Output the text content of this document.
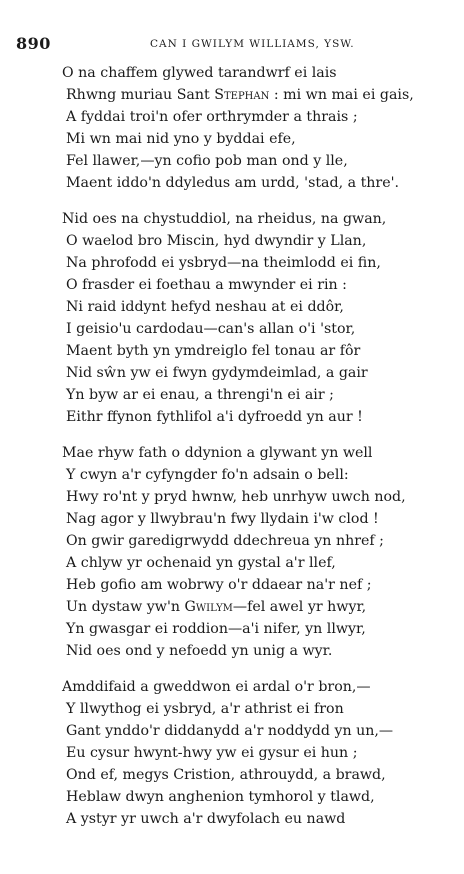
890	CAN I GWILYM WILLIAMS, YSW.
O na chaffem glywed tarandwrf ei lais
Rhwng muriau Sant Stephan : mi wn mai ei gais,
A fyddai troi'n ofer orthrymder a thrais ;
Mi wn mai nid yno y byddai efe,
Fel llawer,—yn cofio pob man ond y lle,
Maent iddo'n ddyledus am urdd, 'stad, a thre'.
Nid oes na chystuddiol, na rheidus, na gwan,
O waelod bro Miscin, hyd dwyndir y Llan,
Na phrofodd ei ysbryd—na theimlodd ei fin,
O frasder ei foethau a mwynder ei rin :
Ni raid iddynt hefyd neshau at ei ddôr,
I geisio'u cardodau—can's allan o'i 'stor,
Maent byth yn ymdreiglo fel tonau ar fôr
Nid sŵn yw ei fwyn gydymdeimlad, a gair
Yn byw ar ei enau, a threngi'n ei air ;
Eithr ffynon fythlifol a'i dyfroedd yn aur !
Mae rhyw fath o ddynion a glywant yn well
Y cwyn a'r cyfyngder fo'n adsain o bell:
Hwy ro'nt y pryd hwnw, heb unrhyw uwch nod,
Nag agor y llwybrau'n fwy llydain i'w clod !
On gwir garedigrwydd ddechreua yn nhref ;
A chlyw yr ochenaid yn gystal a'r llef,
Heb gofio am wobrwy o'r ddaear na'r nef ;
Un dystaw yw'n Gwilym—fel awel yr hwyr,
Yn gwasgar ei roddion—a'i nifer, yn llwyr,
Nid oes ond y nefoedd yn unig a wyr.
Amddifaid a gweddwon ei ardal o'r bron,—
Y llwythog ei ysbryd, a'r athrist ei fron
Gant ynddo'r diddanydd a'r noddydd yn un,—
Eu cysur hwynt-hwy yw ei gysur ei hun ;
Ond ef, megys Cristion, athrouydd, a brawd,
Heblaw dwyn anghenion tymhorol y tlawd,
A ystyr yr uwch a'r dwyfolach eu nawd
